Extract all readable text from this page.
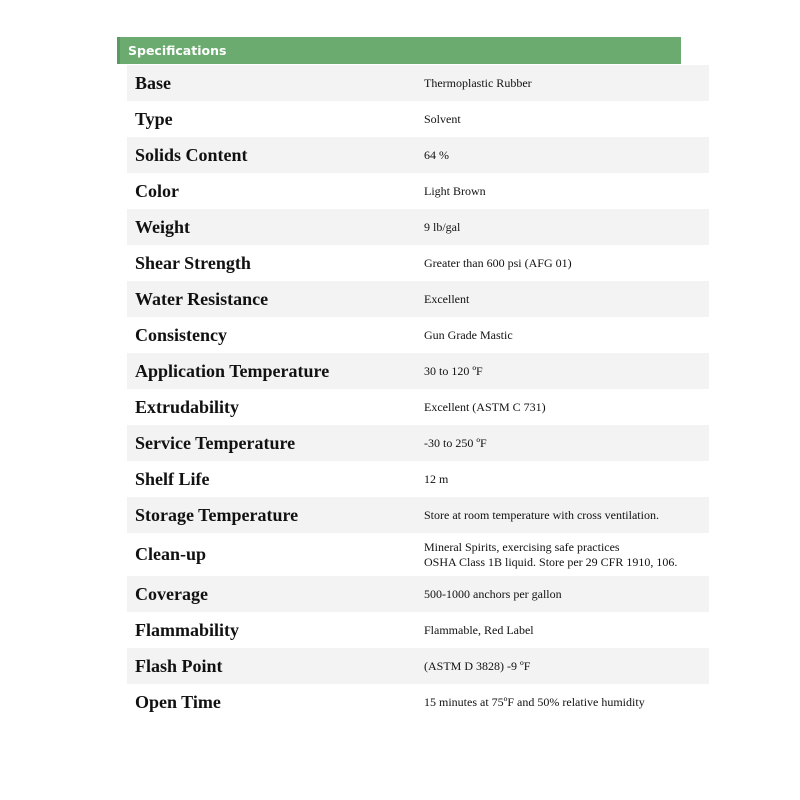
Specifications
Base	Thermoplastic Rubber
Type	Solvent
Solids Content	64 %
Color	Light Brown
Weight	9 lb/gal
Shear Strength	Greater than 600 psi (AFG 01)
Water Resistance	Excellent
Consistency	Gun Grade Mastic
Application Temperature	30 to 120 ºF
Extrudability	Excellent (ASTM C 731)
Service Temperature	-30 to 250 ºF
Shelf Life	12 m
Storage Temperature	Store at room temperature with cross ventilation.
Clean-up	Mineral Spirits, exercising safe practices
OSHA Class 1B liquid. Store per 29 CFR 1910, 106.
Coverage	500-1000 anchors per gallon
Flammability	Flammable, Red Label
Flash Point	(ASTM D 3828) -9 ºF
Open Time	15 minutes at 75ºF and 50% relative humidity
